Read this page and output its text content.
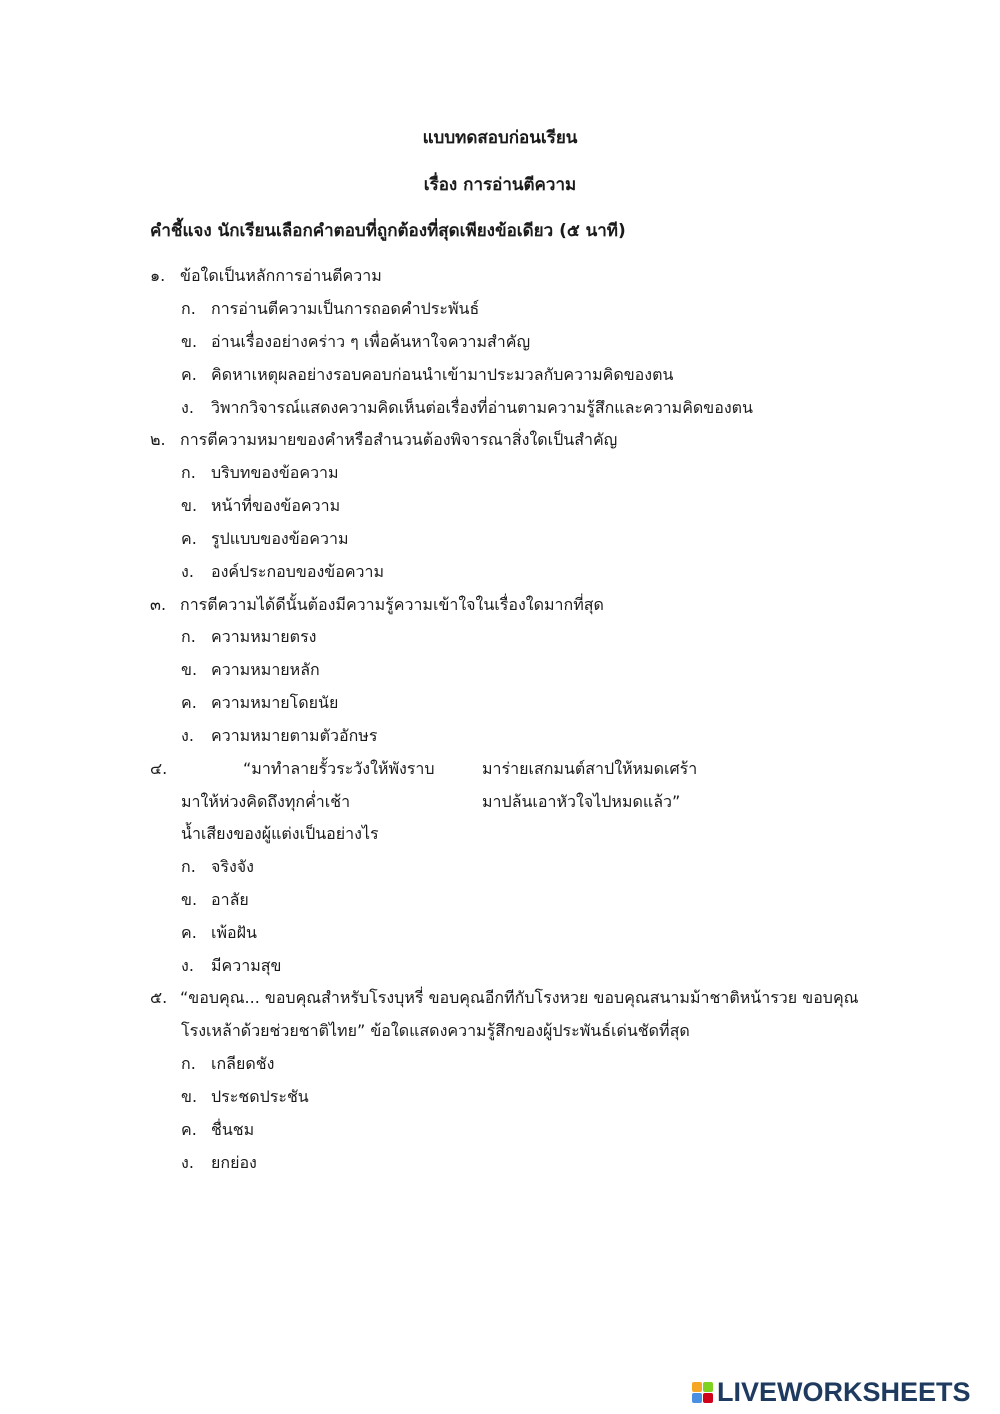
แบบทดสอบก่อนเรียน
เรื่อง การอ่านตีความ
คำชี้แจง นักเรียนเลือกคำตอบที่ถูกต้องที่สุดเพียงข้อเดียว (๕ นาที)
๑. ข้อใดเป็นหลักการอ่านตีความ
ก. การอ่านตีความเป็นการถอดคำประพันธ์
ข. อ่านเรื่องอย่างคร่าว ๆ เพื่อค้นหาใจความสำคัญ
ค. คิดหาเหตุผลอย่างรอบคอบก่อนนำเข้ามาประมวลกับความคิดของตน
ง. วิพากวิจารณ์แสดงความคิดเห็นต่อเรื่องที่อ่านตามความรู้สึกและความคิดของตน
๒. การตีความหมายของคำหรือสำนวนต้องพิจารณาสิ่งใดเป็นสำคัญ
ก. บริบทของข้อความ
ข. หน้าที่ของข้อความ
ค. รูปแบบของข้อความ
ง. องค์ประกอบของข้อความ
๓. การตีความได้ดีนั้นต้องมีความรู้ความเข้าใจในเรื่องใดมากที่สุด
ก. ความหมายตรง
ข. ความหมายหลัก
ค. ความหมายโดยนัย
ง. ความหมายตามตัวอักษร
๔.	“มาทำลายรั้วระวังให้พังราบ	มาร่ายเสกมนต์สาปให้หมดเศร้า
มาให้ห่วงคิดถึงทุกค่ำเช้า	มาปล้นเอาหัวใจไปหมดแล้ว”
น้ำเสียงของผู้แต่งเป็นอย่างไร
ก. จริงจัง
ข. อาลัย
ค. เพ้อฝัน
ง. มีความสุข
๕. “ขอบคุณ... ขอบคุณสำหรับโรงบุหรี่ ขอบคุณอีกทีกับโรงหวย ขอบคุณสนามม้าชาติหน้ารวย ขอบคุณ
โรงเหล้าด้วยช่วยชาติไทย” ข้อใดแสดงความรู้สึกของผู้ประพันธ์เด่นชัดที่สุด
ก. เกลียดชัง
ข. ประชดประชัน
ค. ชื่นชม
ง. ยกย่อง
LIVEWORKSHEETS
